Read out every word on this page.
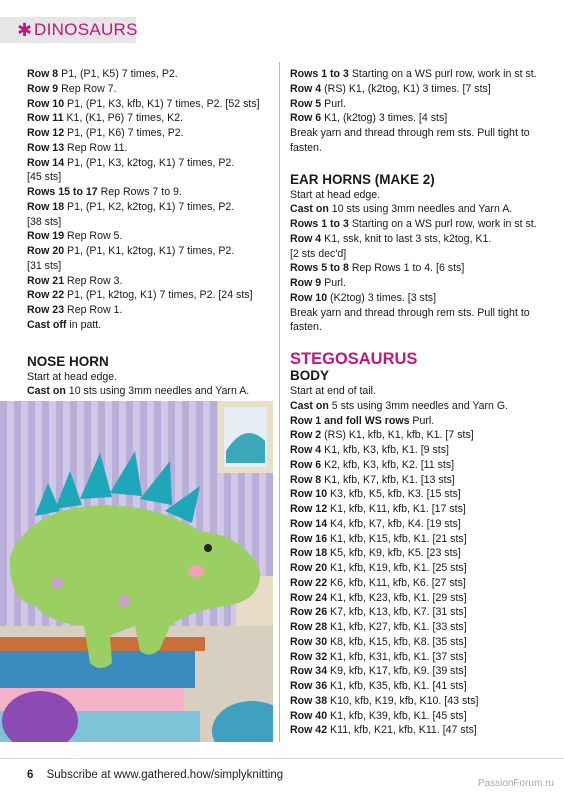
✱ DINOSAURS

Row 8 P1, (P1, K5) 7 times, P2.

Row 9 Rep Row 7.

Row 10 P1, (P1, K3, kfb, K1) 7 times, P2. [52 sts]

Row 11 K1, (K1, P6) 7 times, K2.

Row 12 P1, (P1, K6) 7 times, P2.

Row 13 Rep Row 11.

Row 14 P1, (P1, K3, k2tog, K1) 7 times, P2.

[45 sts]

Rows 15 to 17 Rep Rows 7 to 9.

Row 18 P1, (P1, K2, k2tog, K1) 7 times, P2.

[38 sts]

Row 19 Rep Row 5.

Row 20 P1, (P1, K1, k2tog, K1) 7 times, P2.

[31 sts]

Row 21 Rep Row 3.

Row 22 P1, (P1, k2tog, K1) 7 times, P2. [24 sts]

Row 23 Rep Row 1.

Cast off in patt.

NOSE HORN

Start at head edge.

Cast on 10 sts using 3mm needles and Yarn A.

Rows 1 to 3 Starting on a WS purl row, work in st st.

Row 4 (RS) K1, (k2tog, K1) 3 times. [7 sts]

Row 5 Purl.

Row 6 K1, (k2tog) 3 times. [4 sts]

Break yarn and thread through rem sts. Pull tight to fasten.

EAR HORNS (MAKE 2)

Start at head edge.

Cast on 10 sts using 3mm needles and Yarn A.

Rows 1 to 3 Starting on a WS purl row, work in st st.

Row 4 K1, ssk, knit to last 3 sts, k2tog, K1.

[2 sts dec'd]

Rows 5 to 8 Rep Rows 1 to 4. [6 sts]

Row 9 Purl.

Row 10 (K2tog) 3 times. [3 sts]

Break yarn and thread through rem sts. Pull tight to fasten.

STEGOSAURUS

BODY

Start at end of tail.

Cast on 5 sts using 3mm needles and Yarn G.

Row 1 and foll WS rows Purl.

Row 2 (RS) K1, kfb, K1, kfb, K1. [7 sts]

Row 4 K1, kfb, K3, kfb, K1. [9 sts]

Row 6 K2, kfb, K3, kfb, K2. [11 sts]

Row 8 K1, kfb, K7, kfb, K1. [13 sts]

Row 10 K3, kfb, K5, kfb, K3. [15 sts]

Row 12 K1, kfb, K11, kfb, K1. [17 sts]

Row 14 K4, kfb, K7, kfb, K4. [19 sts]

Row 16 K1, kfb, K15, kfb, K1. [21 sts]

Row 18 K5, kfb, K9, kfb, K5. [23 sts]

Row 20 K1, kfb, K19, kfb, K1. [25 sts]

Row 22 K6, kfb, K11, kfb, K6. [27 sts]

Row 24 K1, kfb, K23, kfb, K1. [29 sts]

Row 26 K7, kfb, K13, kfb, K7. [31 sts]

Row 28 K1, kfb, K27, kfb, K1. [33 sts]

Row 30 K8, kfb, K15, kfb, K8. [35 sts]

Row 32 K1, kfb, K31, kfb, K1. [37 sts]

Row 34 K9, kfb, K17, kfb, K9. [39 sts]

Row 36 K1, kfb, K35, kfb, K1. [41 sts]

Row 38 K10, kfb, K19, kfb, K10. [43 sts]

Row 40 K1, kfb, K39, kfb, K1. [45 sts]

Row 42 K11, kfb, K21, kfb, K11. [47 sts]

6 Subscribe at www.gathered.how/simplyknitting
PassionForum.ru
